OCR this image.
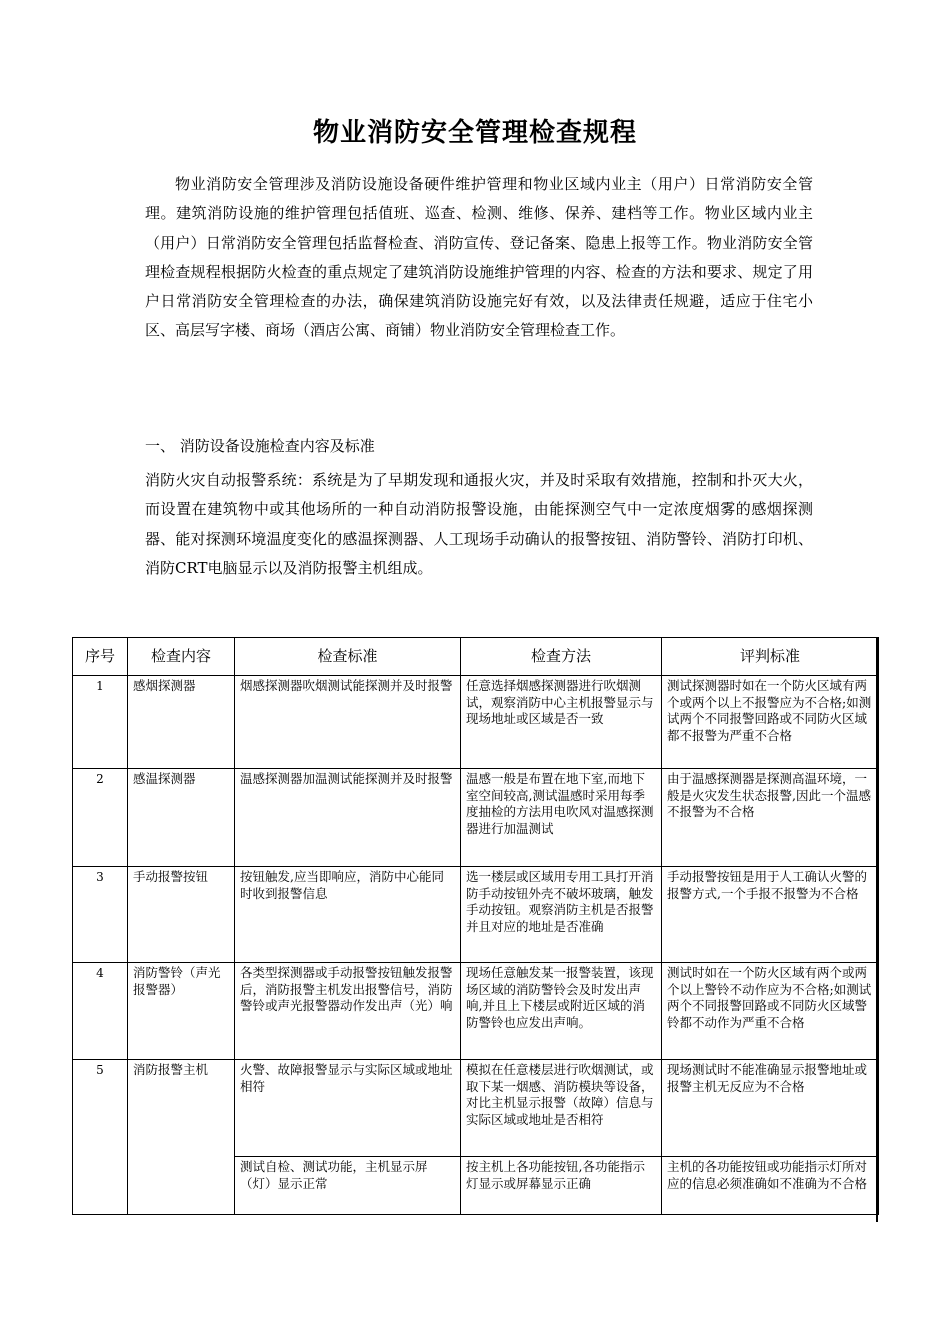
物业消防安全管理检查规程
物业消防安全管理涉及消防设施设备硬件维护管理和物业区域内业主（用户）日常消防安全管理。建筑消防设施的维护管理包括值班、巡查、检测、维修、保养、建档等工作。物业区域内业主（用户）日常消防安全管理包括监督检查、消防宣传、登记备案、隐患上报等工作。物业消防安全管理检查规程根据防火检查的重点规定了建筑消防设施维护管理的内容、检查的方法和要求、规定了用户日常消防安全管理检查的办法，确保建筑消防设施完好有效，以及法律责任规避，适应于住宅小区、高层写字楼、商场（酒店公寓、商铺）物业消防安全管理检查工作。
一、 消防设备设施检查内容及标准
消防火灾自动报警系统：系统是为了早期发现和通报火灾，并及时采取有效措施，控制和扑灭大火，而设置在建筑物中或其他场所的一种自动消防报警设施，由能探测空气中一定浓度烟雾的感烟探测器、能对探测环境温度变化的感温探测器、人工现场手动确认的报警按钮、消防警铃、消防打印机、消防CRT电脑显示以及消防报警主机组成。
序号	检查内容	检查标准	检查方法	评判标准
1	感烟探测器	烟感探测器吹烟测试能探测并及时报警	任意选择烟感探测器进行吹烟测试，观察消防中心主机报警显示与现场地址或区域是否一致	测试探测器时如在一个防火区域有两个或两个以上不报警应为不合格;如测试两个不同报警回路或不同防火区域都不报警为严重不合格
2	感温探测器	温感探测器加温测试能探测并及时报警	温感一般是布置在地下室,而地下室空间较高,测试温感时采用每季度抽检的方法用电吹风对温感探测器进行加温测试	由于温感探测器是探测高温环境，一般是火灾发生状态报警,因此一个温感不报警为不合格
3	手动报警按钮	按钮触发,应当即响应，消防中心能同时收到报警信息	选一楼层或区域用专用工具打开消防手动按钮外壳不破坏玻璃，触发手动按钮。观察消防主机是否报警并且对应的地址是否准确	手动报警按钮是用于人工确认火警的报警方式,一个手报不报警为不合格
4	消防警铃（声光报警器）	各类型探测器或手动报警按钮触发报警后，消防报警主机发出报警信号，消防警铃或声光报警器动作发出声（光）响	现场任意触发某一报警装置，该现场区域的消防警铃会及时发出声响,并且上下楼层或附近区域的消防警铃也应发出声响。	测试时如在一个防火区域有两个或两个以上警铃不动作应为不合格;如测试两个不同报警回路或不同防火区域警铃都不动作为严重不合格
5	消防报警主机	火警、故障报警显示与实际区域或地址相符	模拟在任意楼层进行吹烟测试，或取下某一烟感、消防模块等设备，对比主机显示报警（故障）信息与实际区域或地址是否相符	现场测试时不能准确显示报警地址或报警主机无反应为不合格
		测试自检、测试功能，主机显示屏（灯）显示正常	按主机上各功能按钮,各功能指示灯显示或屏幕显示正确	主机的各功能按钮或功能指示灯所对应的信息必须准确如不准确为不合格
